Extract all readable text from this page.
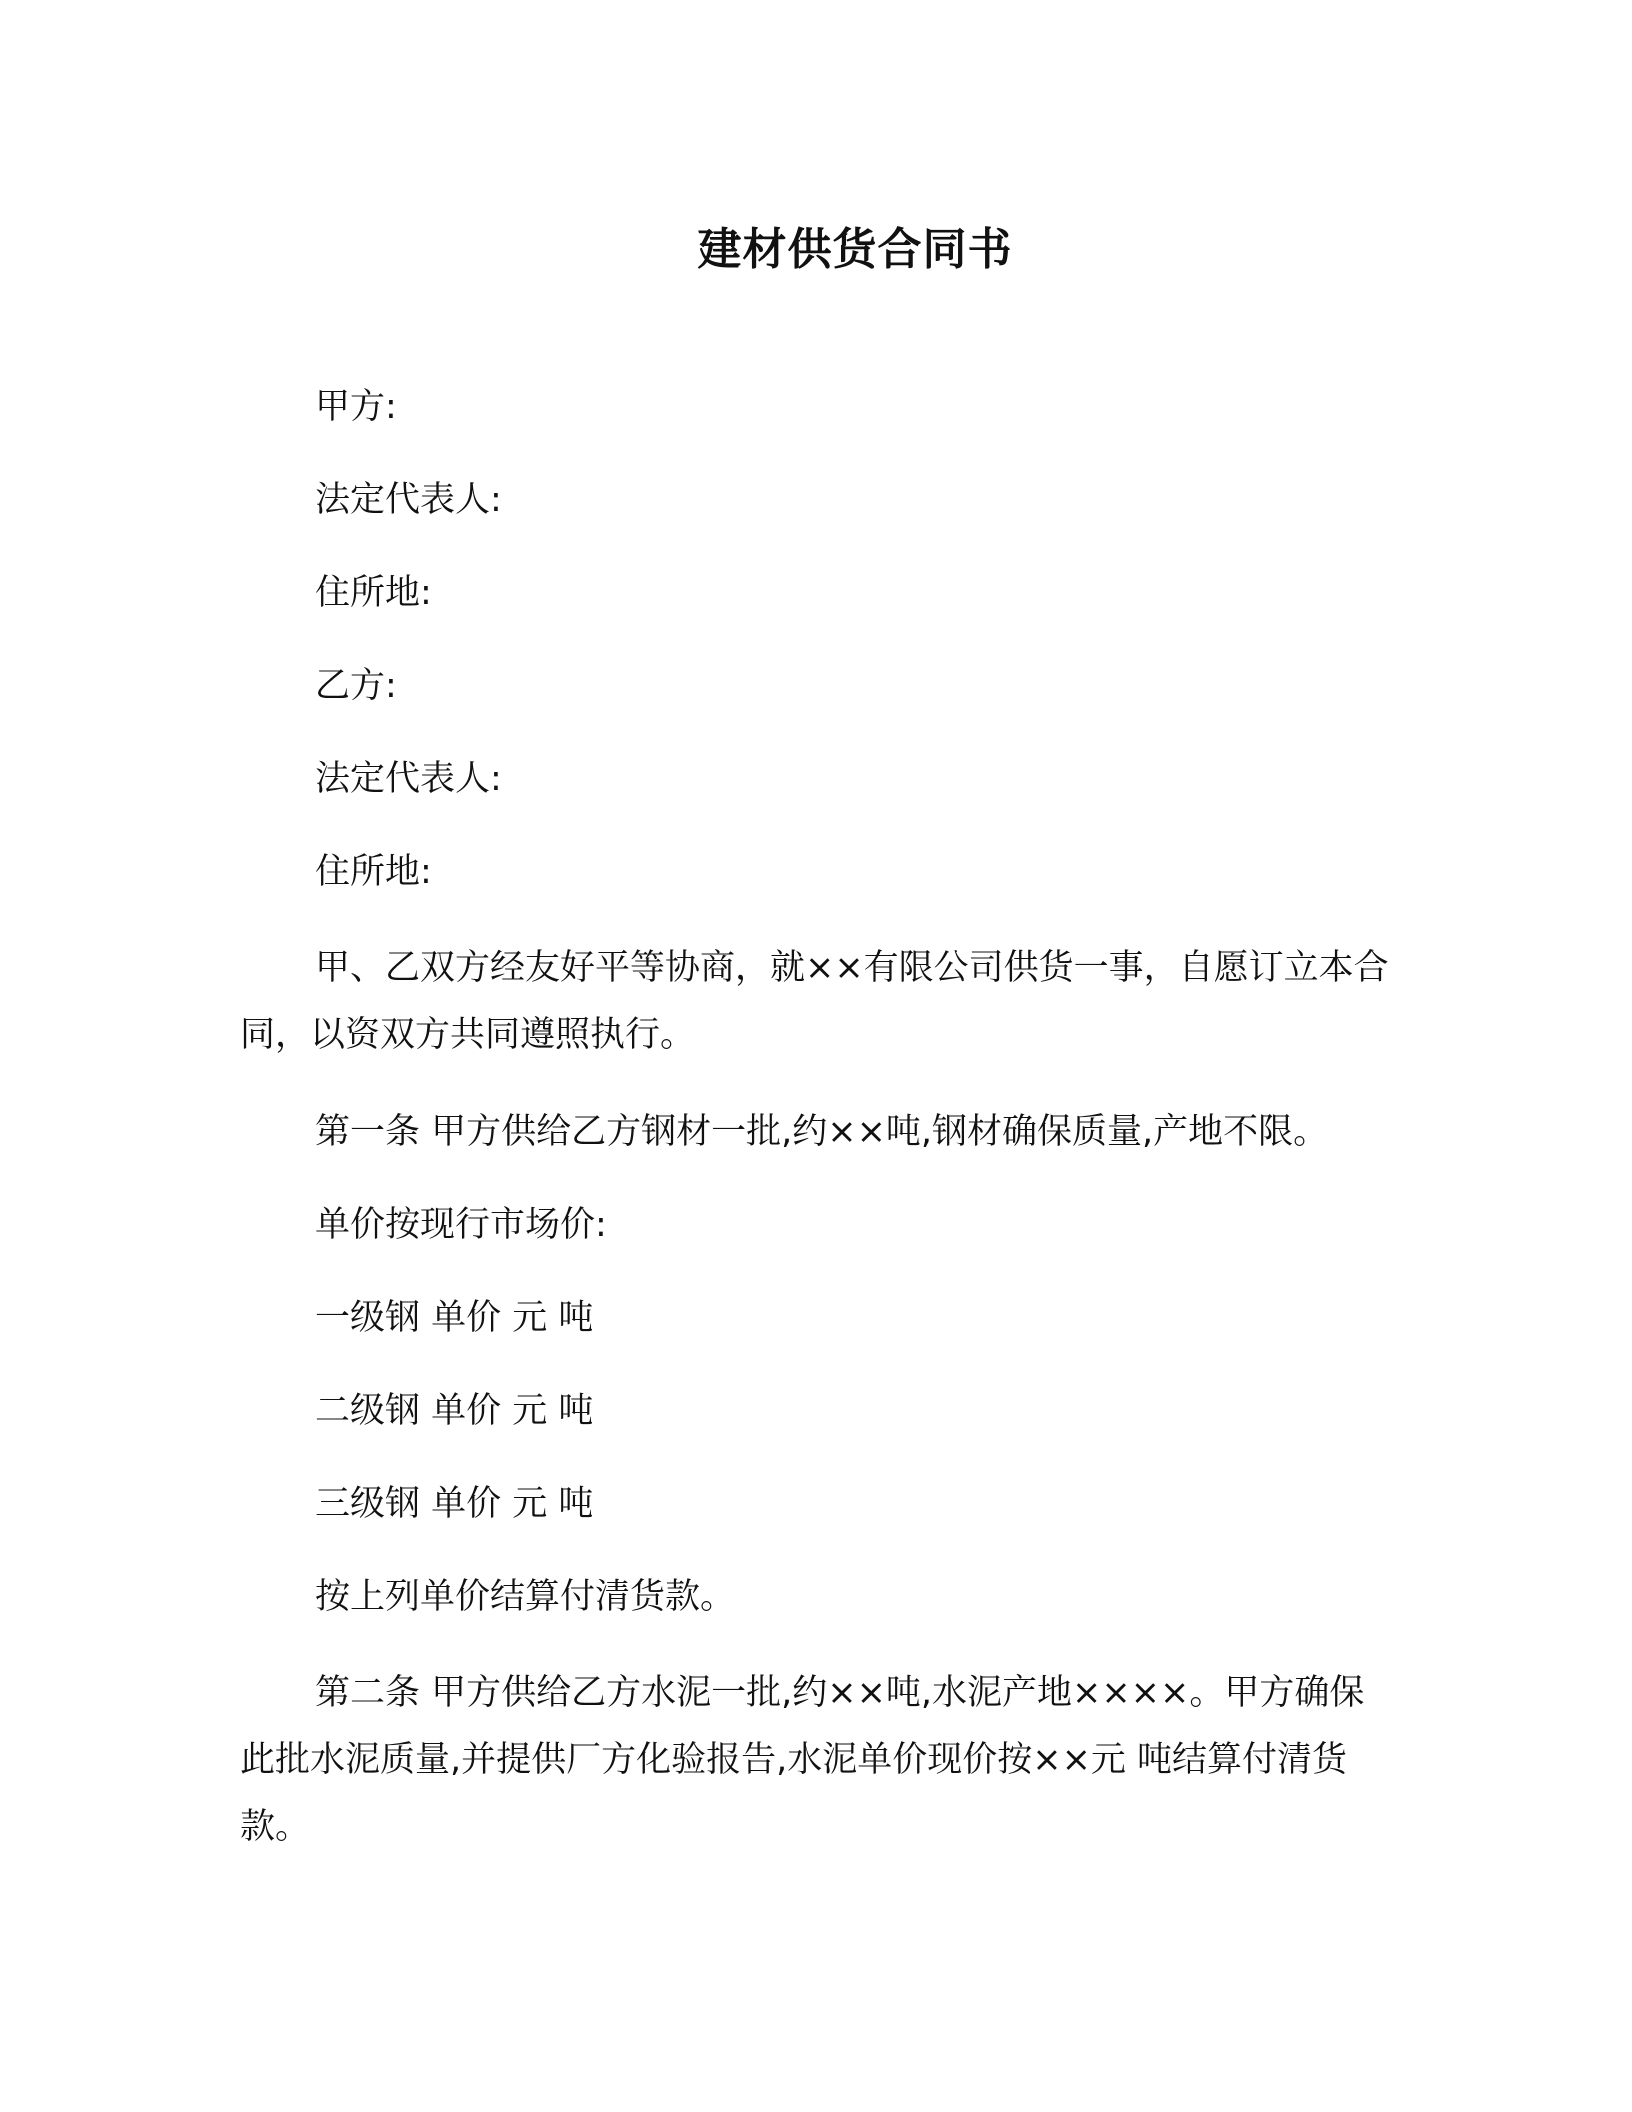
建材供货合同书
甲方:
法定代表人:
住所地:
乙方:
法定代表人:
住所地:
甲、乙双方经友好平等协商，就××有限公司供货一事，自愿订立本合同，以资双方共同遵照执行。
第一条 甲方供给乙方钢材一批,约××吨,钢材确保质量,产地不限。
单价按现行市场价:
一级钢 单价 元 吨
二级钢 单价 元 吨
三级钢 单价 元 吨
按上列单价结算付清货款。
第二条 甲方供给乙方水泥一批,约××吨,水泥产地××××。甲方确保此批水泥质量,并提供厂方化验报告,水泥单价现价按××元 吨结算付清货款。
